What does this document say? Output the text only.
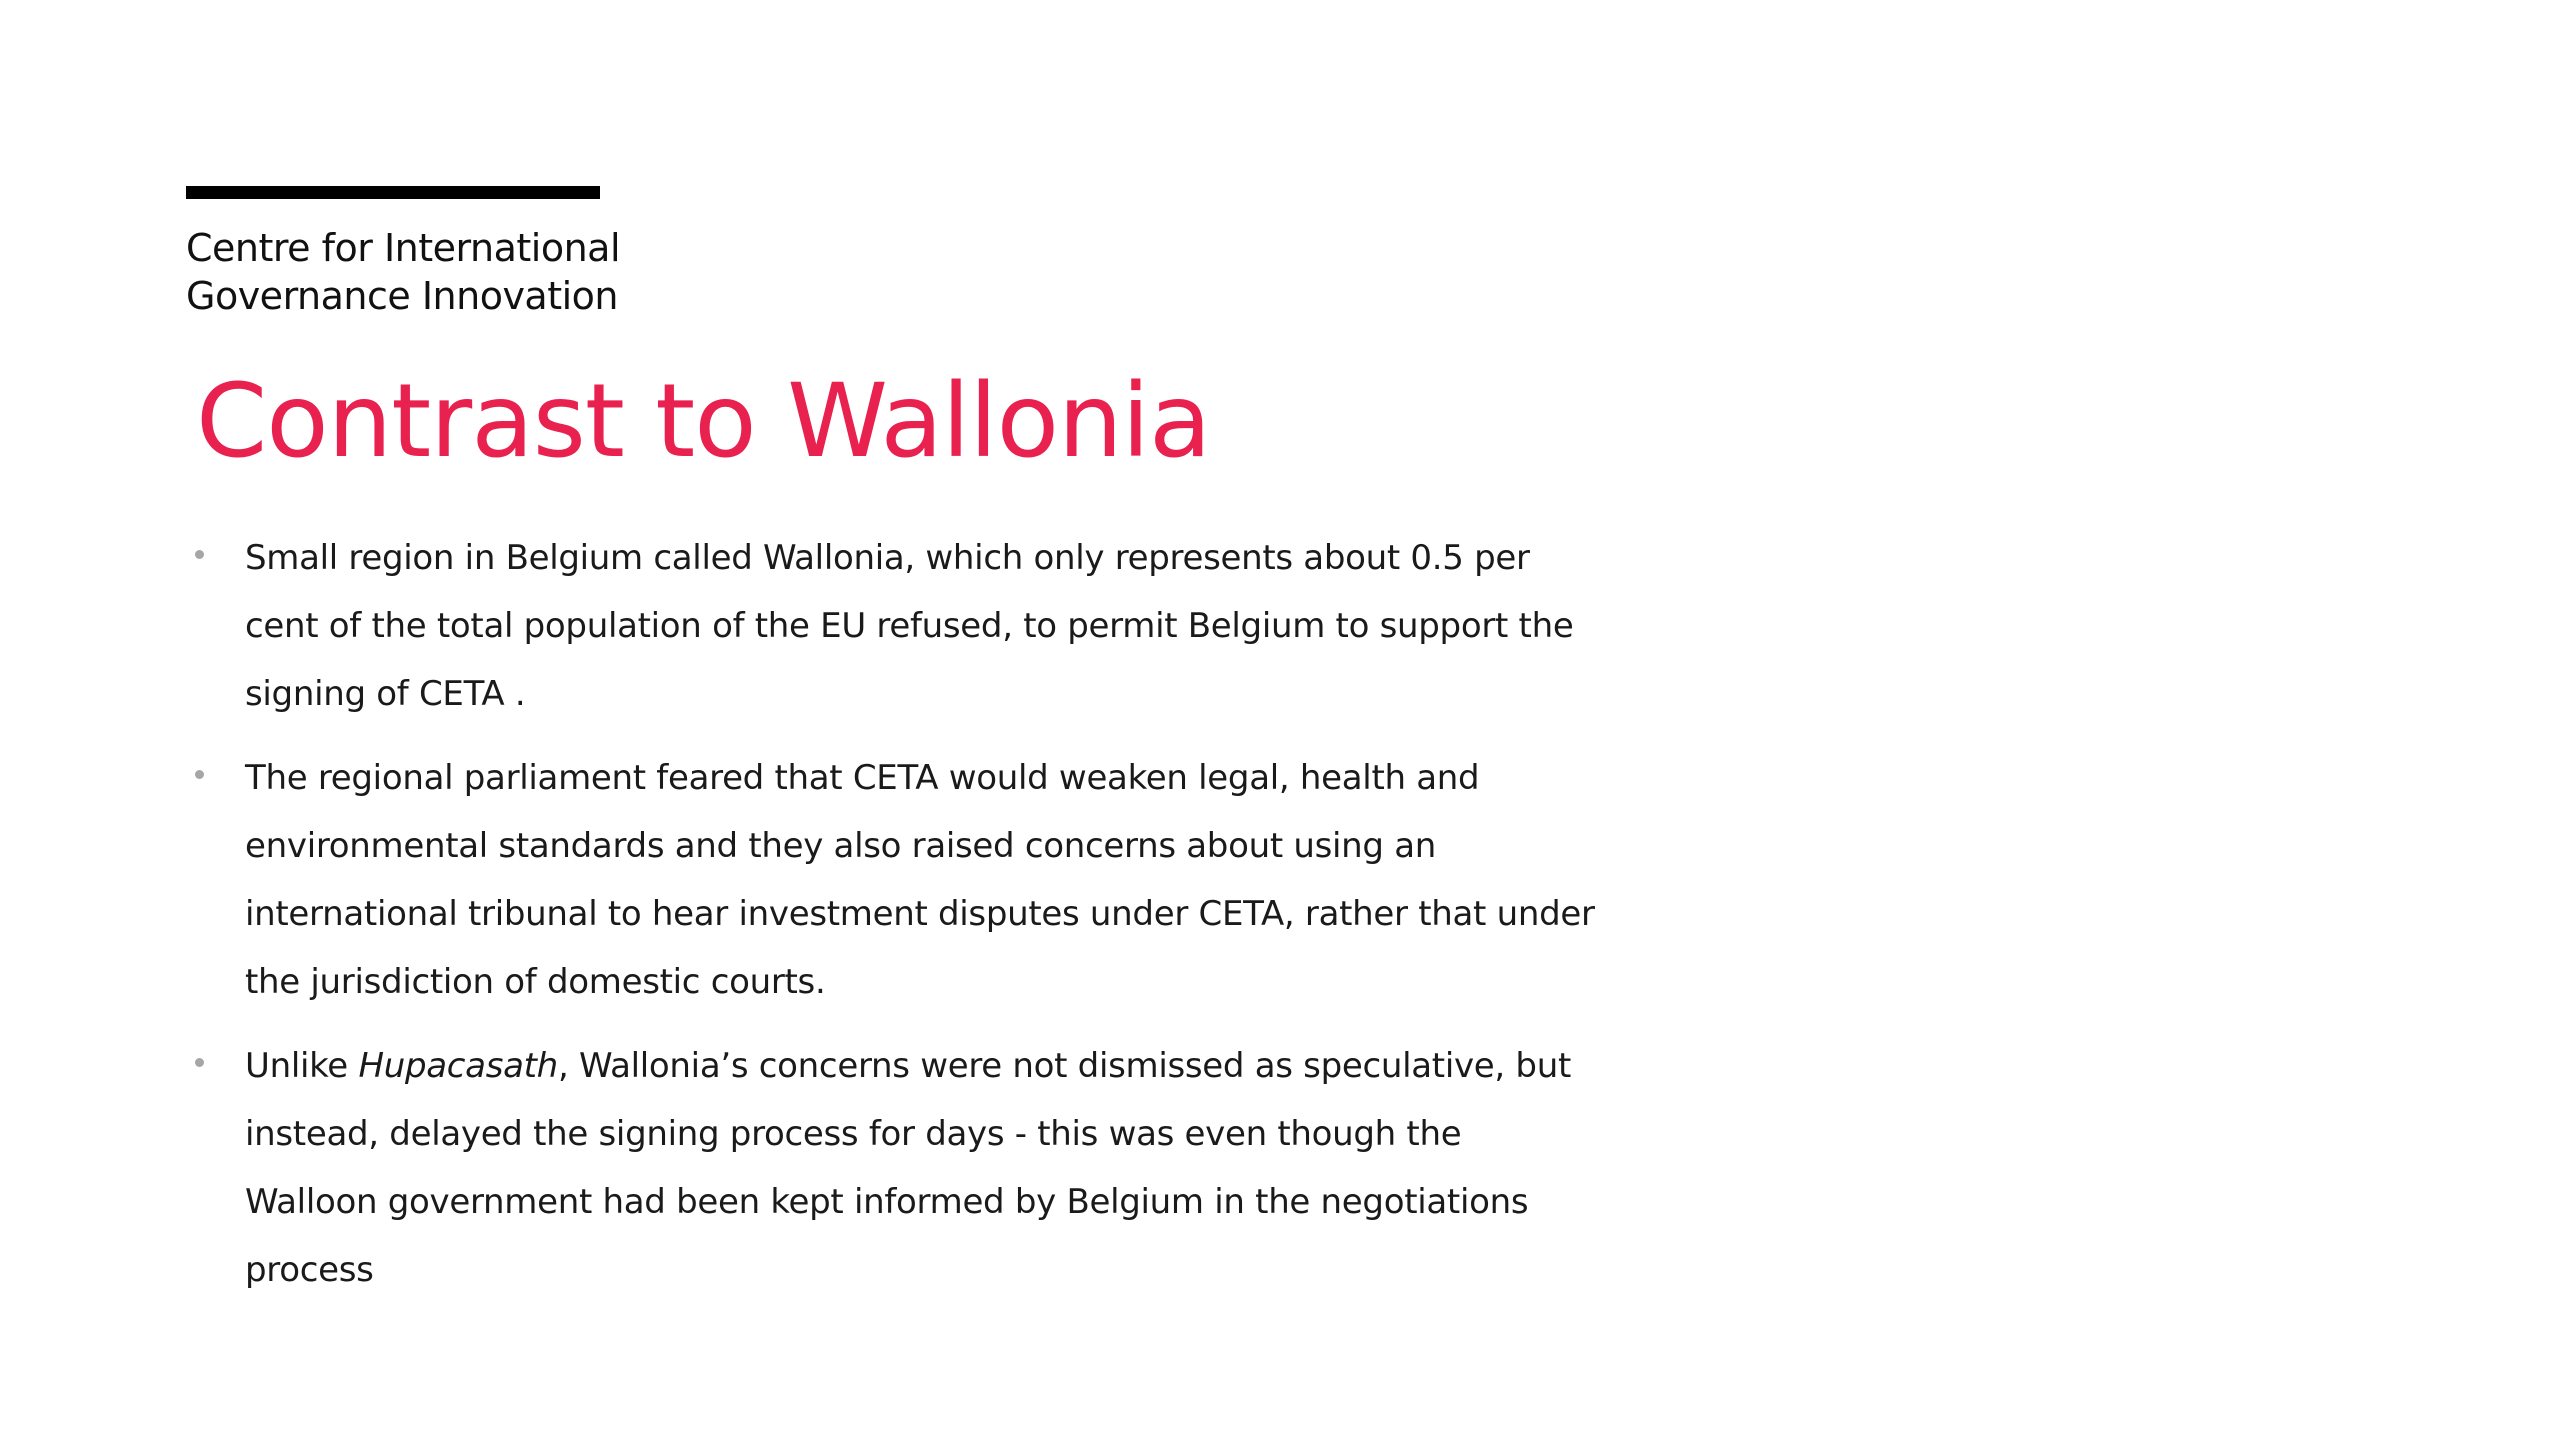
Centre for International
Governance Innovation
Contrast to Wallonia
Small region in Belgium called Wallonia, which only represents about 0.5 per cent of the total population of the EU refused, to permit Belgium to support the signing of CETA .
The regional parliament feared that CETA would weaken legal, health and environmental standards and they also raised concerns about using an international tribunal to hear investment disputes under CETA, rather that under the jurisdiction of domestic courts.
Unlike Hupacasath, Wallonia’s concerns were not dismissed as speculative, but instead, delayed the signing process for days - this was even though the Walloon government had been kept informed by Belgium in the negotiations process
